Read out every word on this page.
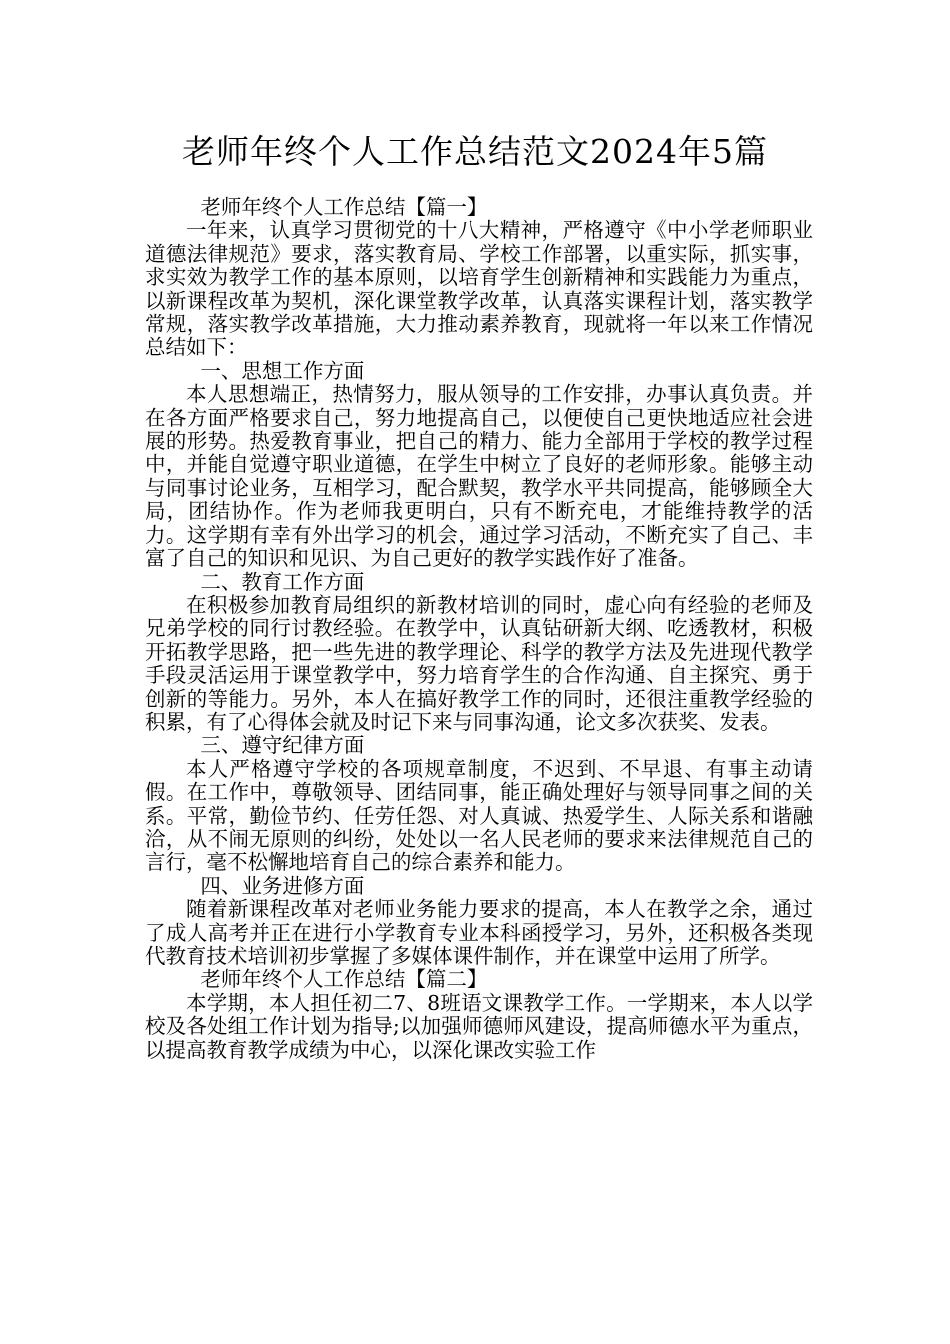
老师年终个人工作总结范文2024年5篇

老师年终个人工作总结【篇一】

一年来，认真学习贯彻党的十八大精神，严格遵守《中小学老师职业道德法律规范》要求，落实教育局、学校工作部署，以重实际，抓实事，求实效为教学工作的基本原则，以培育学生创新精神和实践能力为重点，以新课程改革为契机，深化课堂教学改革，认真落实课程计划，落实教学常规，落实教学改革措施，大力推动素养教育，现就将一年以来工作情况总结如下：

一、思想工作方面

本人思想端正，热情努力，服从领导的工作安排，办事认真负责。并在各方面严格要求自己，努力地提高自己，以便使自己更快地适应社会进展的形势。热爱教育事业，把自己的精力、能力全部用于学校的教学过程中，并能自觉遵守职业道德，在学生中树立了良好的老师形象。能够主动与同事讨论业务，互相学习，配合默契，教学水平共同提高，能够顾全大局，团结协作。作为老师我更明白，只有不断充电，才能维持教学的活力。这学期有幸有外出学习的机会，通过学习活动，不断充实了自己、丰富了自己的知识和见识、为自己更好的教学实践作好了准备。

二、教育工作方面

在积极参加教育局组织的新教材培训的同时，虚心向有经验的老师及兄弟学校的同行讨教经验。在教学中，认真钻研新大纲、吃透教材，积极开拓教学思路，把一些先进的教学理论、科学的教学方法及先进现代教学手段灵活运用于课堂教学中，努力培育学生的合作沟通、自主探究、勇于创新的等能力。另外，本人在搞好教学工作的同时，还很注重教学经验的积累，有了心得体会就及时记下来与同事沟通，论文多次获奖、发表。

三、遵守纪律方面

本人严格遵守学校的各项规章制度，不迟到、不早退、有事主动请假。在工作中，尊敬领导、团结同事，能正确处理好与领导同事之间的关系。平常，勤俭节约、任劳任怨、对人真诚、热爱学生、人际关系和谐融洽，从不闹无原则的纠纷，处处以一名人民老师的要求来法律规范自己的言行，毫不松懈地培育自己的综合素养和能力。

四、业务进修方面

随着新课程改革对老师业务能力要求的提高，本人在教学之余，通过了成人高考并正在进行小学教育专业本科函授学习，另外，还积极各类现代教育技术培训初步掌握了多媒体课件制作，并在课堂中运用了所学。

老师年终个人工作总结【篇二】

本学期，本人担任初二7、8班语文课教学工作。一学期来，本人以学校及各处组工作计划为指导;以加强师德师风建设，提高师德水平为重点，以提高教育教学成绩为中心，以深化课改实验工作
